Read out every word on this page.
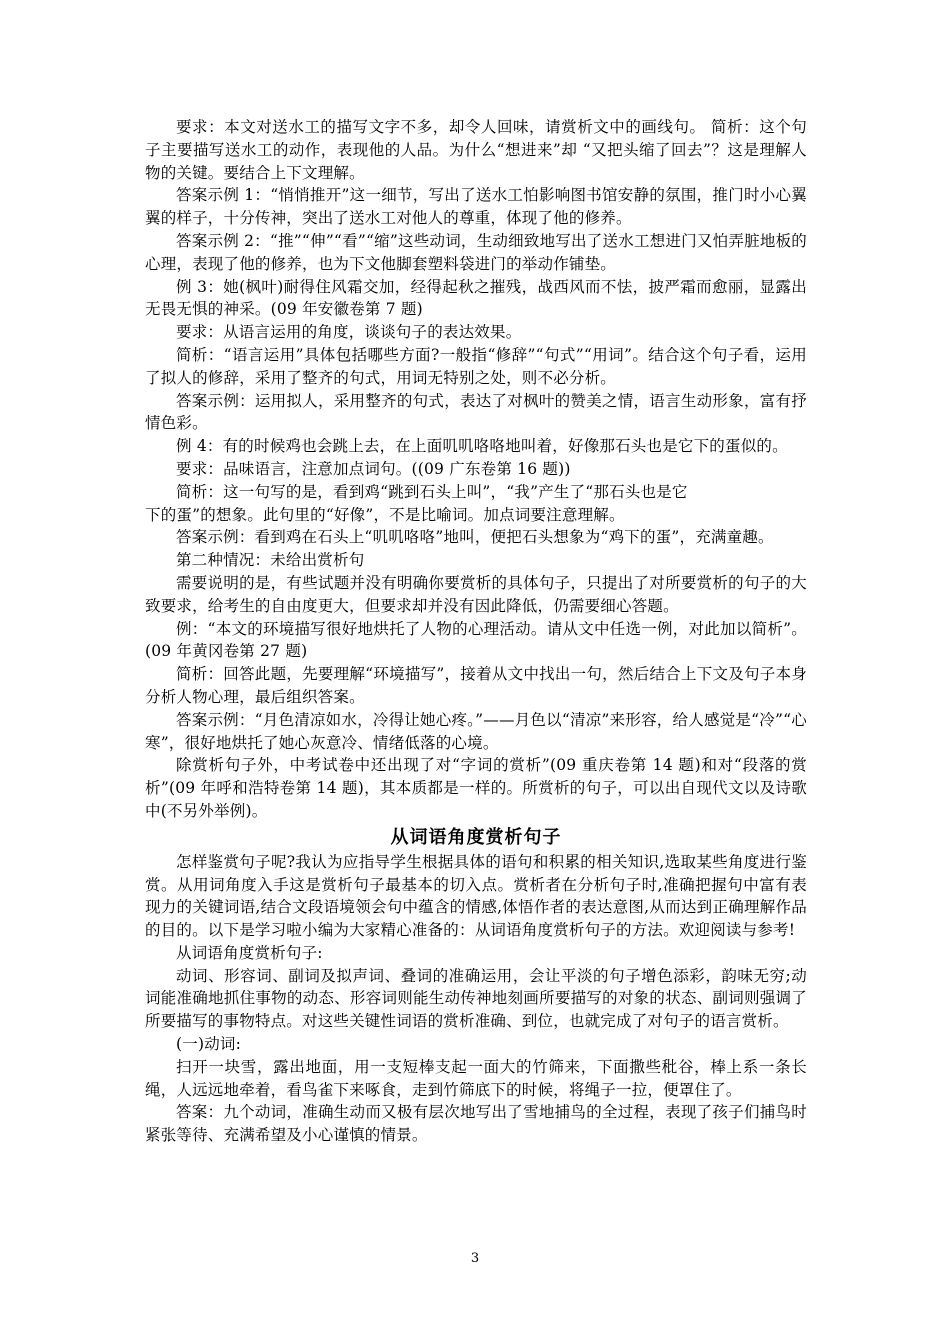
要求：本文对送水工的描写文字不多，却令人回味，请赏析文中的画线句。 简析：这个句子主要描写送水工的动作，表现他的人品。为什么“想进来”却 “又把头缩了回去”？这是理解人物的关键。要结合上下文理解。

答案示例 1：“悄悄推开”这一细节，写出了送水工怕影响图书馆安静的氛围，推门时小心翼翼的样子，十分传神，突出了送水工对他人的尊重，体现了他的修养。

答案示例 2：“推”“伸”“看”“缩”这些动词，生动细致地写出了送水工想进门又怕弄脏地板的心理，表现了他的修养，也为下文他脚套塑料袋进门的举动作铺垫。

例 3：她(枫叶)耐得住风霜交加，经得起秋之摧残，战西风而不怯，披严霜而愈丽，显露出无畏无惧的神采。(09 年安徽卷第 7 题)

要求：从语言运用的角度，谈谈句子的表达效果。

简析：“语言运用”具体包括哪些方面?一般指“修辞”“句式”“用词”。结合这个句子看，运用了拟人的修辞，采用了整齐的句式，用词无特别之处，则不必分析。

答案示例：运用拟人，采用整齐的句式，表达了对枫叶的赞美之情，语言生动形象，富有抒情色彩。

例 4：有的时候鸡也会跳上去，在上面叽叽咯咯地叫着，好像那石头也是它下的蛋似的。

要求：品味语言，注意加点词句。((09 广东卷第 16 题))

简析：这一句写的是，看到鸡“跳到石头上叫”，“我”产生了“那石头也是它

下的蛋”的想象。此句里的“好像”，不是比喻词。加点词要注意理解。

答案示例：看到鸡在石头上“叽叽咯咯”地叫，便把石头想象为“鸡下的蛋”，充满童趣。

第二种情况：未给出赏析句

需要说明的是，有些试题并没有明确你要赏析的具体句子，只提出了对所要赏析的句子的大致要求，给考生的自由度更大，但要求却并没有因此降低，仍需要细心答题。

例：“本文的环境描写很好地烘托了人物的心理活动。请从文中任选一例，对此加以简析”。 (09 年黄冈卷第 27 题)

简析：回答此题，先要理解“环境描写”，接着从文中找出一句，然后结合上下文及句子本身分析人物心理，最后组织答案。

答案示例：“月色清凉如水，冷得让她心疼。”——月色以“清凉”来形容，给人感觉是“冷”“心寒”，很好地烘托了她心灰意冷、情绪低落的心境。

除赏析句子外，中考试卷中还出现了对“字词的赏析”(09 重庆卷第 14 题)和对“段落的赏析”(09 年呼和浩特卷第 14 题)，其本质都是一样的。所赏析的句子，可以出自现代文以及诗歌中(不另外举例)。

从词语角度赏析句子

怎样鉴赏句子呢?我认为应指导学生根据具体的语句和积累的相关知识,选取某些角度进行鉴赏。从用词角度入手这是赏析句子最基本的切入点。赏析者在分析句子时,准确把握句中富有表现力的关键词语,结合文段语境领会句中蕴含的情感,体悟作者的表达意图,从而达到正确理解作品的目的。以下是学习啦小编为大家精心准备的：从词语角度赏析句子的方法。欢迎阅读与参考!

从词语角度赏析句子:

动词、形容词、副词及拟声词、叠词的准确运用，会让平淡的句子增色添彩，韵味无穷;动词能准确地抓住事物的动态、形容词则能生动传神地刻画所要描写的对象的状态、副词则强调了所要描写的事物特点。对这些关键性词语的赏析准确、到位，也就完成了对句子的语言赏析。

(一)动词:

扫开一块雪，露出地面，用一支短棒支起一面大的竹筛来，下面撒些秕谷，棒上系一条长绳，人远远地牵着，看鸟雀下来啄食，走到竹筛底下的时候，将绳子一拉，便罩住了。

答案：九个动词，准确生动而又极有层次地写出了雪地捕鸟的全过程，表现了孩子们捕鸟时紧张等待、充满希望及小心谨慎的情景。

3
